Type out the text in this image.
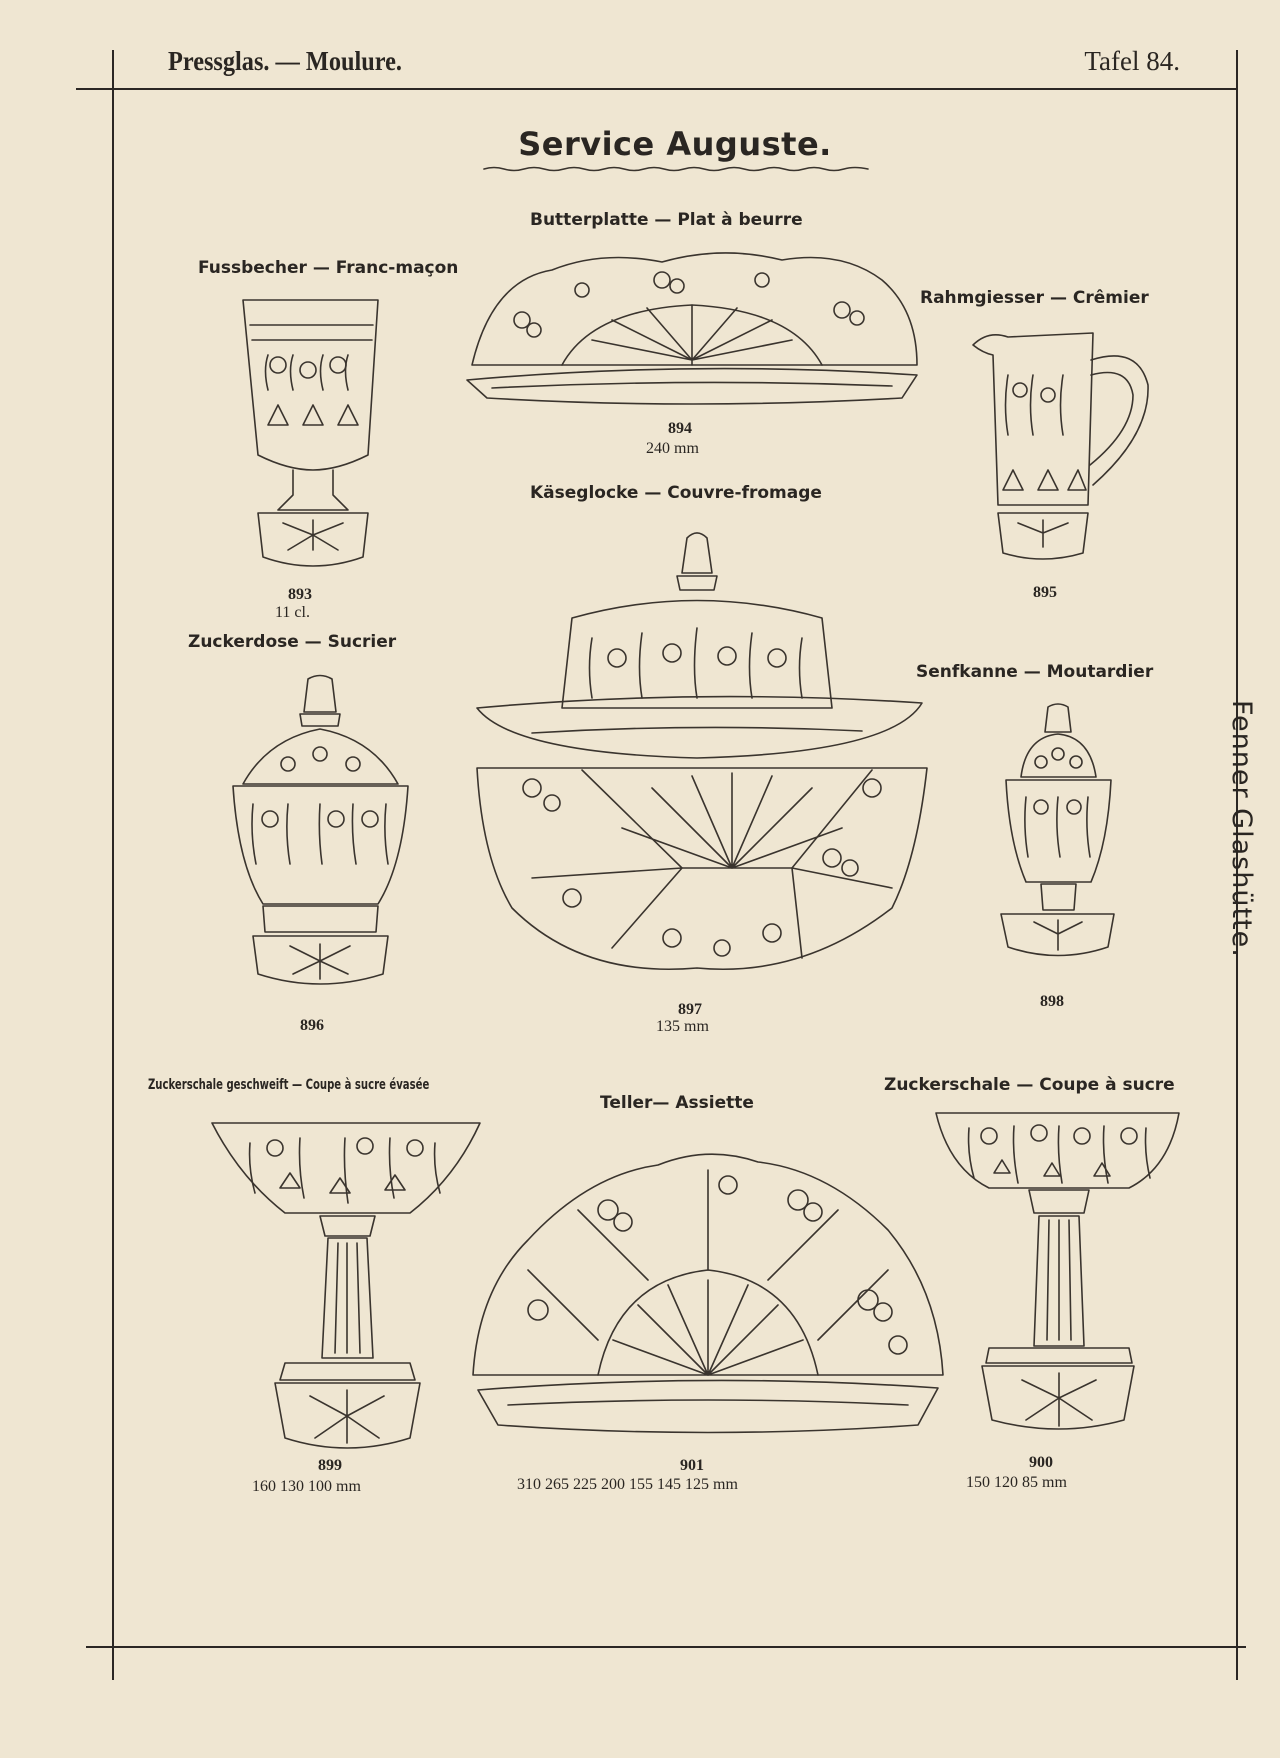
Pressglas. — Moulure.	Tafel 84.
Service Auguste.
Fenner Glashütte.
Butterplatte — Plat à beurre
894
240 mm
Fussbecher — Franc-maçon
893
11 cl.
Rahmgiesser — Crêmier
895
Käseglocke — Couvre-fromage
897
135 mm
Zuckerdose — Sucrier
896
Senfkanne — Moutardier
898
Zuckerschale geschweift — Coupe à sucre évasée
899
160 130 100 mm
Teller— Assiette
901
310 265 225 200 155 145 125 mm
Zuckerschale — Coupe à sucre
900
150 120 85 mm
